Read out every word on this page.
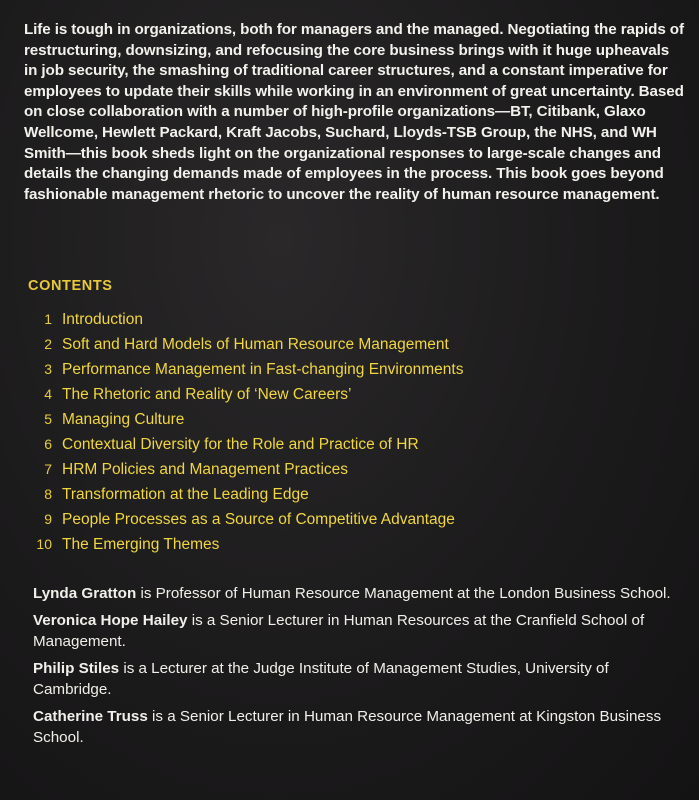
Life is tough in organizations, both for managers and the managed. Negotiating the rapids of restructuring, downsizing, and refocusing the core business brings with it huge upheavals in job security, the smashing of traditional career structures, and a constant imperative for employees to update their skills while working in an environment of great uncertainty. Based on close collaboration with a number of high-profile organizations—BT, Citibank, Glaxo Wellcome, Hewlett Packard, Kraft Jacobs, Suchard, Lloyds-TSB Group, the NHS, and WH Smith—this book sheds light on the organizational responses to large-scale changes and details the changing demands made of employees in the process. This book goes beyond fashionable management rhetoric to uncover the reality of human resource management.
CONTENTS
1 Introduction
2 Soft and Hard Models of Human Resource Management
3 Performance Management in Fast-changing Environments
4 The Rhetoric and Reality of ‘New Careers’
5 Managing Culture
6 Contextual Diversity for the Role and Practice of HR
7 HRM Policies and Management Practices
8 Transformation at the Leading Edge
9 People Processes as a Source of Competitive Advantage
10 The Emerging Themes
Lynda Gratton is Professor of Human Resource Management at the London Business School.
Veronica Hope Hailey is a Senior Lecturer in Human Resources at the Cranfield School of Management.
Philip Stiles is a Lecturer at the Judge Institute of Management Studies, University of Cambridge.
Catherine Truss is a Senior Lecturer in Human Resource Management at Kingston Business School.
